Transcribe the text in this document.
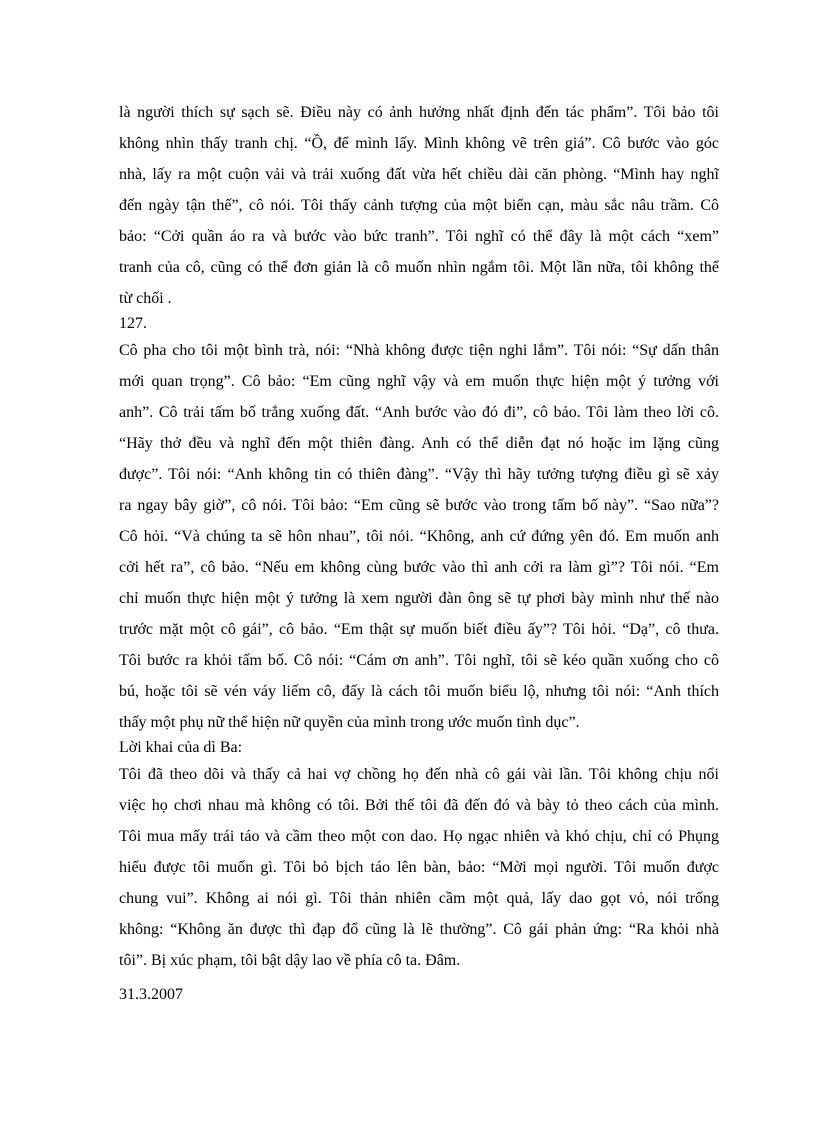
là người thích sự sạch sẽ. Điều này có ảnh hưởng nhất định đến tác phẩm”. Tôi bảo tôi
không nhìn thấy tranh chị. “Ồ, để mình lấy. Mình không vẽ trên giá”. Cô bước vào góc
nhà, lấy ra một cuộn vải và trải xuống đất vừa hết chiều dài căn phòng. “Mình hay nghĩ
đến ngày tận thế”, cô nói. Tôi thấy cảnh tượng của một biển cạn, màu sắc nâu trầm. Cô
bảo: “Cởi quần áo ra và bước vào bức tranh”. Tôi nghĩ có thể đây là một cách “xem”
tranh của cô, cũng có thể đơn giản là cô muốn nhìn ngắm tôi. Một lần nữa, tôi không thể
từ chối .
127.
Cô pha cho tôi một bình trà, nói: “Nhà không được tiện nghi lắm”. Tôi nói: “Sự dấn thân
mới quan trọng”. Cô bảo: “Em cũng nghĩ vậy và em muốn thực hiện một ý tưởng với
anh”. Cô trải tấm bố trắng xuống đất. “Anh bước vào đó đi”, cô bảo. Tôi làm theo lời cô.
“Hãy thở đều và nghĩ đến một thiên đàng. Anh có thể diễn đạt nó hoặc im lặng cũng
được”. Tôi nói: “Anh không tin có thiên đàng”. “Vậy thì hãy tưởng tượng điều gì sẽ xảy
ra ngay bây giờ”, cô nói. Tôi bảo: “Em cũng sẽ bước vào trong tấm bố này”. “Sao nữa”?
Cô hỏi. “Và chúng ta sẽ hôn nhau”, tôi nói. “Không, anh cứ đứng yên đó. Em muốn anh
cởi hết ra”, cô bảo. “Nếu em không cùng bước vào thì anh cởi ra làm gì”? Tôi nói. “Em
chỉ muốn thực hiện một ý tưởng là xem người đàn ông sẽ tự phơi bày mình như thế nào
trước mặt một cô gái”, cô bảo. “Em thật sự muốn biết điều ấy”? Tôi hỏi. “Dạ”, cô thưa.
Tôi bước ra khỏi tấm bố. Cô nói: “Cám ơn anh”. Tôi nghĩ, tôi sẽ kéo quần xuống cho cô
bú, hoặc tôi sẽ vén váy liếm cô, đấy là cách tôi muốn biểu lộ, nhưng tôi nói: “Anh thích
thấy một phụ nữ thể hiện nữ quyền của mình trong ước muốn tình dục”.
Lời khai của dì Ba:
Tôi đã theo dõi và thấy cả hai vợ chồng họ đến nhà cô gái vài lần. Tôi không chịu nổi
việc họ chơi nhau mà không có tôi. Bởi thế tôi đã đến đó và bày tỏ theo cách của mình.
Tôi mua mấy trái táo và cầm theo một con dao. Họ ngạc nhiên và khó chịu, chỉ có Phụng
hiểu được tôi muốn gì. Tôi bỏ bịch táo lên bàn, bảo: “Mời mọi người. Tôi muốn được
chung vui”. Không ai nói gì. Tôi thản nhiên cầm một quả, lấy dao gọt vỏ, nói trống
không: “Không ăn được thì đạp đổ cũng là lẽ thường”. Cô gái phản ứng: “Ra khỏi nhà
tôi”. Bị xúc phạm, tôi bật dậy lao về phía cô ta. Đâm.
31.3.2007
